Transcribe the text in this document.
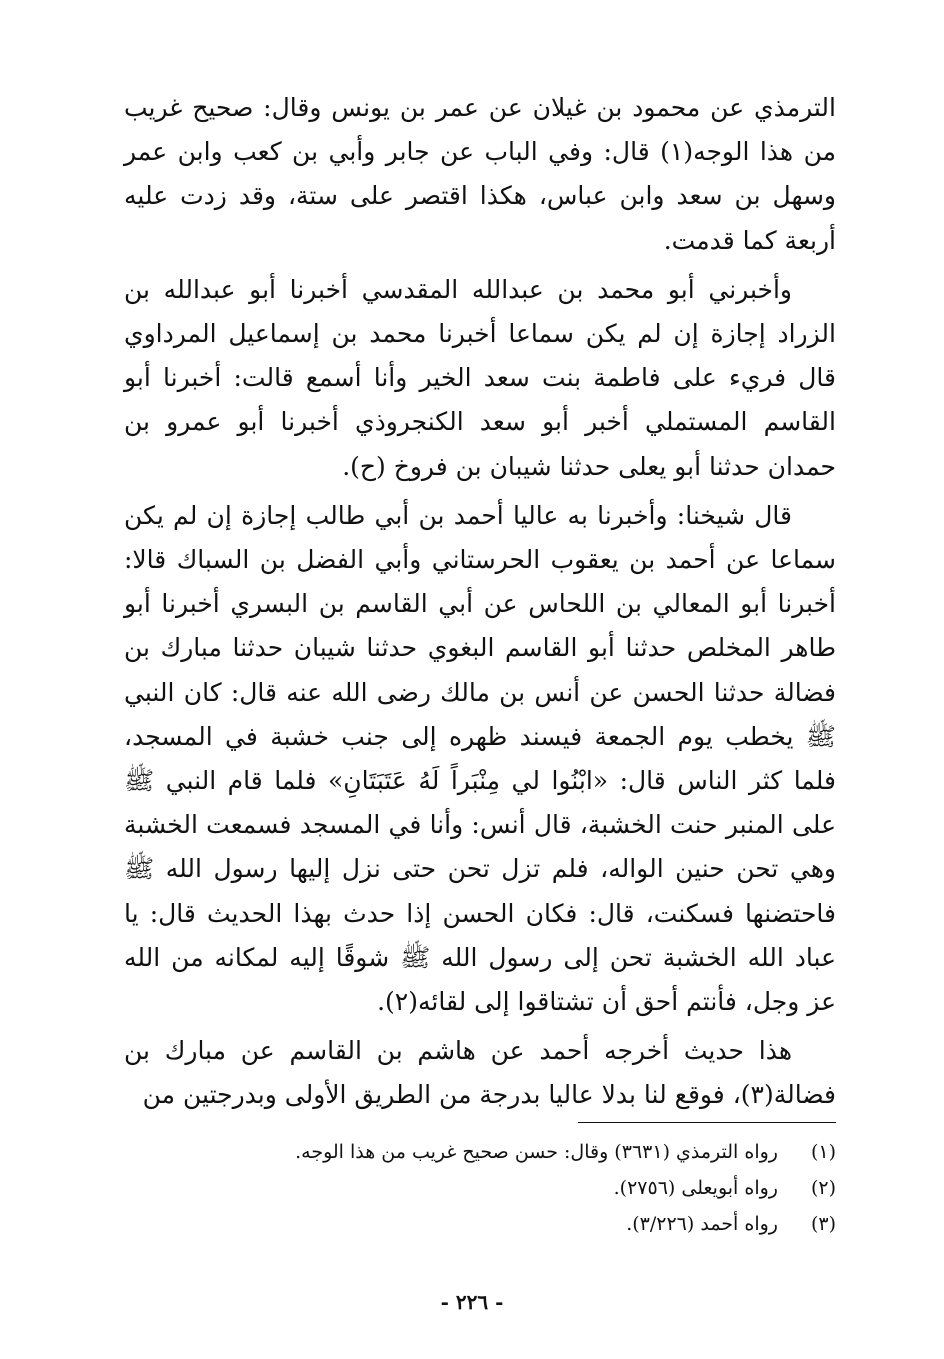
الترمذي عن محمود بن غيلان عن عمر بن يونس وقال: صحيح غريب من هذا الوجه(١) قال: وفي الباب عن جابر وأبي بن كعب وابن عمر وسهل بن سعد وابن عباس، هكذا اقتصر على ستة، وقد زدت عليه أربعة كما قدمت.

وأخبرني أبو محمد بن عبدالله المقدسي أخبرنا أبو عبدالله بن الزراد إجازة إن لم يكن سماعا أخبرنا محمد بن إسماعيل المرداوي قال فريء على فاطمة بنت سعد الخير وأنا أسمع قالت: أخبرنا أبو القاسم المستملي أخبر أبو سعد الكنجروذي أخبرنا أبو عمرو بن حمدان حدثنا أبو يعلى حدثنا شيبان بن فروخ (ح).

قال شيخنا: وأخبرنا به عاليا أحمد بن أبي طالب إجازة إن لم يكن سماعا عن أحمد بن يعقوب الحرستاني وأبي الفضل بن السباك قالا: أخبرنا أبو المعالي بن اللحاس عن أبي القاسم بن البسري أخبرنا أبو طاهر المخلص حدثنا أبو القاسم البغوي حدثنا شيبان حدثنا مبارك بن فضالة حدثنا الحسن عن أنس بن مالك رضى الله عنه قال: كان النبي ﷺ يخطب يوم الجمعة فيسند ظهره إلى جنب خشبة في المسجد، فلما كثر الناس قال: «ابْنُوا لي مِنْبَراً لَهُ عَتَبَتَانِ» فلما قام النبي ﷺ على المنبر حنت الخشبة، قال أنس: وأنا في المسجد فسمعت الخشبة وهي تحن حنين الواله، فلم تزل تحن حتى نزل إليها رسول الله ﷺ فاحتضنها فسكنت، قال: فكان الحسن إذا حدث بهذا الحديث قال: يا عباد الله الخشبة تحن إلى رسول الله ﷺ شوقًا إليه لمكانه من الله عز وجل، فأنتم أحق أن تشتاقوا إلى لقائه(٢).

هذا حديث أخرجه أحمد عن هاشم بن القاسم عن مبارك بن فضالة(٣)، فوقع لنا بدلا عاليا بدرجة من الطريق الأولى وبدرجتين من

(١) رواه الترمذي (٣٦٣١) وقال: حسن صحيح غريب من هذا الوجه.
(٢) رواه أبويعلى (٢٧٥٦).
(٣) رواه أحمد (٣/٢٢٦).
- ٢٢٦ -
